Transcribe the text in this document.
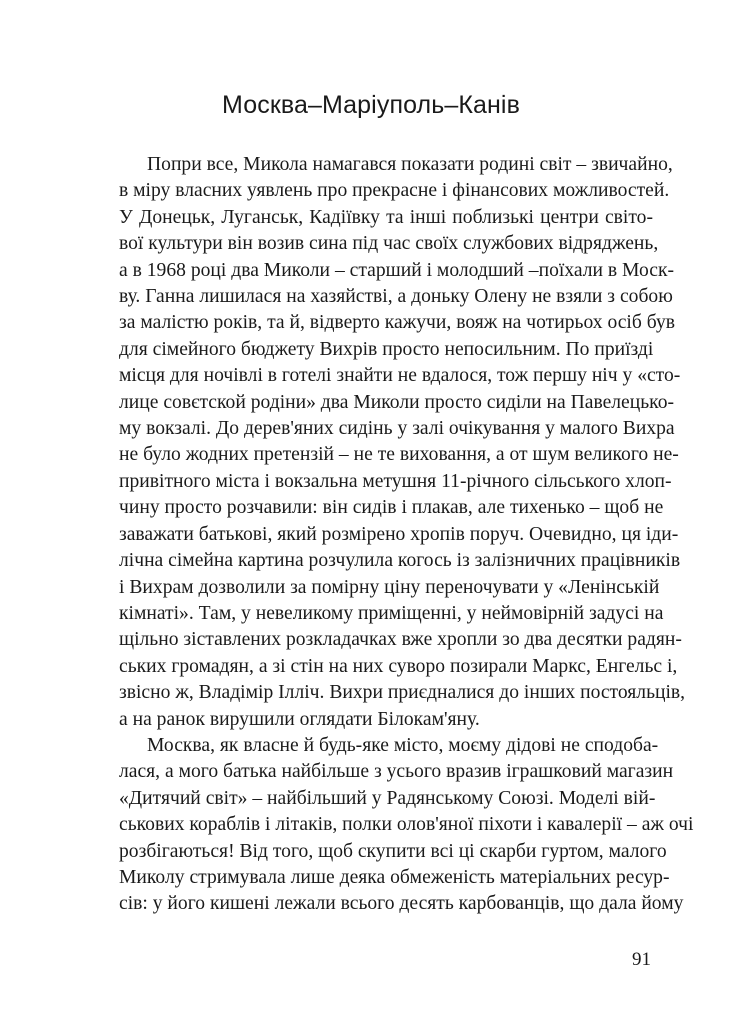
Москва–Маріуполь–Канів
Попри все, Микола намагався показати родині світ – звичайно,
в міру власних уявлень про прекрасне і фінансових можливостей.
У Донецьк, Луганськ, Кадіївку та інші поблизькі центри світо-
вої культури він возив сина під час своїх службових відряджень,
а в 1968 році два Миколи – старший і молодший –поїхали в Моск-
ву. Ганна лишилася на хазяйстві, а доньку Олену не взяли з собою
за малістю років, та й, відверто кажучи, вояж на чотирьох осіб був
для сімейного бюджету Вихрів просто непосильним. По приїзді
місця для ночівлі в готелі знайти не вдалося, тож першу ніч у «сто-
лице совєтской родіни» два Миколи просто сиділи на Павелецько-
му вокзалі. До дерев'яних сидінь у залі очікування у малого Вихра
не було жодних претензій – не те виховання, а от шум великого не-
привітного міста і вокзальна метушня 11-річного сільського хлоп-
чину просто розчавили: він сидів і плакав, але тихенько – щоб не
заважати батькові, який розмірено хропів поруч. Очевидно, ця іди-
лічна сімейна картина розчулила когось із залізничних працівників
і Вихрам дозволили за помірну ціну переночувати у «Ленінській
кімнаті». Там, у невеликому приміщенні, у неймовірній задусі на
щільно зіставлених розкладачках вже хропли зо два десятки радян-
ських громадян, а зі стін на них суворо позирали Маркс, Енгельс і,
звісно ж, Владімір Ілліч. Вихри приєдналися до інших постояльців,
а на ранок вирушили оглядати Білокам'яну.
Москва, як власне й будь-яке місто, моєму дідові не сподоба-
лася, а мого батька найбільше з усього вразив іграшковий магазин
«Дитячий світ» – найбільший у Радянському Союзі. Моделі вій-
ськових кораблів і літаків, полки олов'яної піхоти і кавалерії – аж очі
розбігаються! Від того, щоб скупити всі ці скарби гуртом, малого
Миколу стримувала лише деяка обмеженість матеріальних ресур-
сів: у його кишені лежали всього десять карбованців, що дала йому
91
